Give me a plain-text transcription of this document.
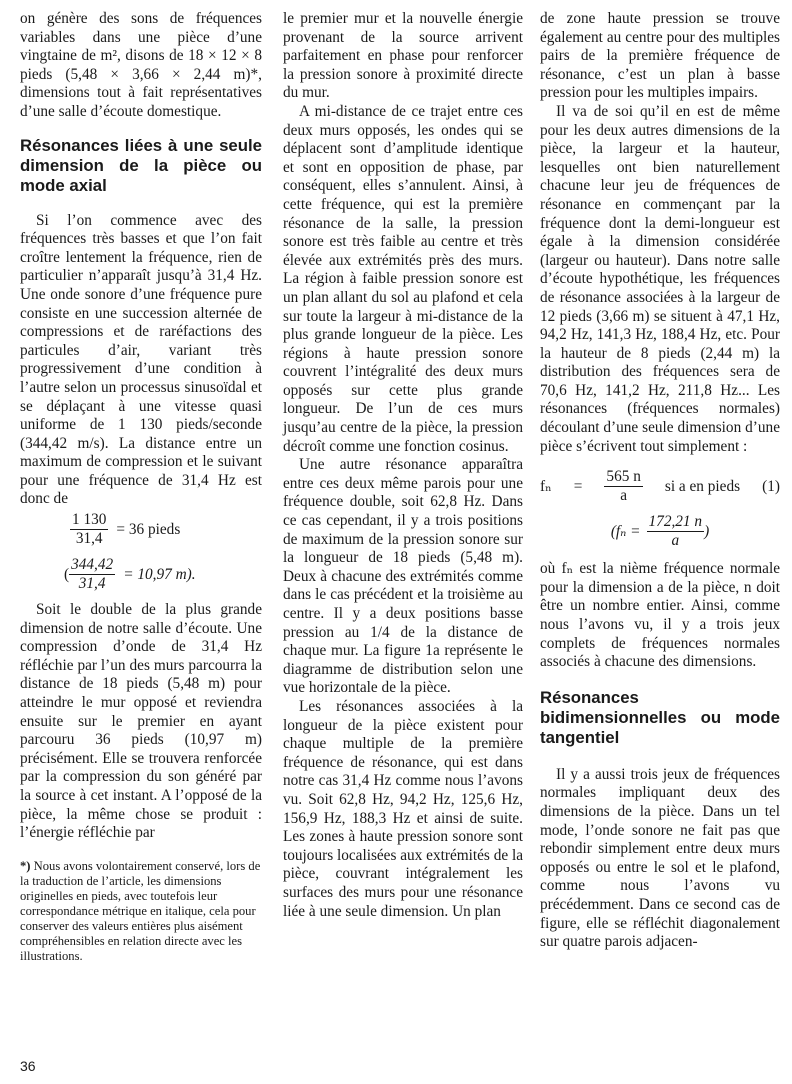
on génère des sons de fréquences variables dans une pièce d’une vingtaine de m², disons de 18 × 12 × 8 pieds (5,48 × 3,66 × 2,44 m)*, dimensions tout à fait représentatives d’une salle d’écoute domestique.

Résonances liées à une seule dimension de la pièce ou mode axial

Si l’on commence avec des fréquences très basses et que l’on fait croître lentement la fréquence, rien de particulier n’apparaît jusqu’à 31,4 Hz. Une onde sonore d’une fréquence pure consiste en une succession alternée de compressions et de raréfactions des particules d’air, variant très progressivement d’une condition à l’autre selon un processus sinusoïdal et se déplaçant à une vitesse quasi uniforme de 1 130 pieds/seconde (344,42 m/s). La distance entre un maximum de compression et le suivant pour une fréquence de 31,4 Hz est donc de

$\frac{1 130}{31,4} = 36$ pieds
( $\frac{344,42}{31,4} = 10,97$ m).

Soit le double de la plus grande dimension de notre salle d’écoute. Une compression d’onde de 31,4 Hz réfléchie par l’un des murs parcourra la distance de 18 pieds (5,48 m) pour atteindre le mur opposé et reviendra ensuite sur le premier en ayant parcouru 36 pieds (10,97 m) précisément. Elle se trouvera renforcée par la compression du son généré par la source à cet instant. A l’opposé de la pièce, la même chose se produit : l’énergie réfléchie par

*) Nous avons volontairement conservé, lors de la traduction de l’article, les dimensions originelles en pieds, avec toutefois leur correspondance métrique en italique, cela pour conserver des valeurs entières plus aisément compréhensibles en relation directe avec les illustrations.

le premier mur et la nouvelle énergie provenant de la source arrivent parfaitement en phase pour renforcer la pression sonore à proximité directe du mur.

A mi-distance de ce trajet entre ces deux murs opposés, les ondes qui se déplacent sont d’amplitude identique et sont en opposition de phase, par conséquent, elles s’annulent. Ainsi, à cette fréquence, qui est la première résonance de la salle, la pression sonore est très faible au centre et très élevée aux extrémités près des murs. La région à faible pression sonore est un plan allant du sol au plafond et cela sur toute la largeur à mi-distance de la plus grande longueur de la pièce. Les régions à haute pression sonore couvrent l’intégralité des deux murs opposés sur cette plus grande longueur. De l’un de ces murs jusqu’au centre de la pièce, la pression décroît comme une fonction cosinus.

Une autre résonance apparaîtra entre ces deux même parois pour une fréquence double, soit 62,8 Hz. Dans ce cas cependant, il y a trois positions de maximum de la pression sonore sur la longueur de 18 pieds (5,48 m). Deux à chacune des extrémités comme dans le cas précédent et la troisième au centre. Il y a deux positions basse pression au 1/4 de la distance de chaque mur. La figure 1a représente le diagramme de distribution selon une vue horizontale de la pièce.

Les résonances associées à la longueur de la pièce existent pour chaque multiple de la première fréquence de résonance, qui est dans notre cas 31,4 Hz comme nous l’avons vu. Soit 62,8 Hz, 94,2 Hz, 125,6 Hz, 156,9 Hz, 188,3 Hz et ainsi de suite. Les zones à haute pression sonore sont toujours localisées aux extrémités de la pièce, couvrant intégralement les surfaces des murs pour une résonance liée à une seule dimension. Un plan

de zone haute pression se trouve également au centre pour des multiples pairs de la première fréquence de résonance, c’est un plan à basse pression pour les multiples impairs.

Il va de soi qu’il en est de même pour les deux autres dimensions de la pièce, la largeur et la hauteur, lesquelles ont bien naturellement chacune leur jeu de fréquences de résonance en commençant par la fréquence dont la demi-longueur est égale à la dimension considérée (largeur ou hauteur). Dans notre salle d’écoute hypothétique, les fréquences de résonance associées à la largeur de 12 pieds (3,66 m) se situent à 47,1 Hz, 94,2 Hz, 141,3 Hz, 188,4 Hz, etc. Pour la hauteur de 8 pieds (2,44 m) la distribution des fréquences sera de 70,6 Hz, 141,2 Hz, 211,8 Hz... Les résonances (fréquences normales) découlant d’une seule dimension d’une pièce s’écrivent tout simplement :

$f_n = \frac{565 n}{a}$ si a en pieds (1)
($f_n = \frac{172,21 n}{a}$ )

où fₙ est la nième fréquence normale pour la dimension a de la pièce, n doit être un nombre entier. Ainsi, comme nous l’avons vu, il y a trois jeux complets de fréquences normales associés à chacune des dimensions.

Résonances bidimensionnelles ou mode tangentiel

Il y a aussi trois jeux de fréquences normales impliquant deux des dimensions de la pièce. Dans un tel mode, l’onde sonore ne fait pas que rebondir simplement entre deux murs opposés ou entre le sol et le plafond, comme nous l’avons vu précédemment. Dans ce second cas de figure, elle se réfléchit diagonalement sur quatre parois adjacen-

36
